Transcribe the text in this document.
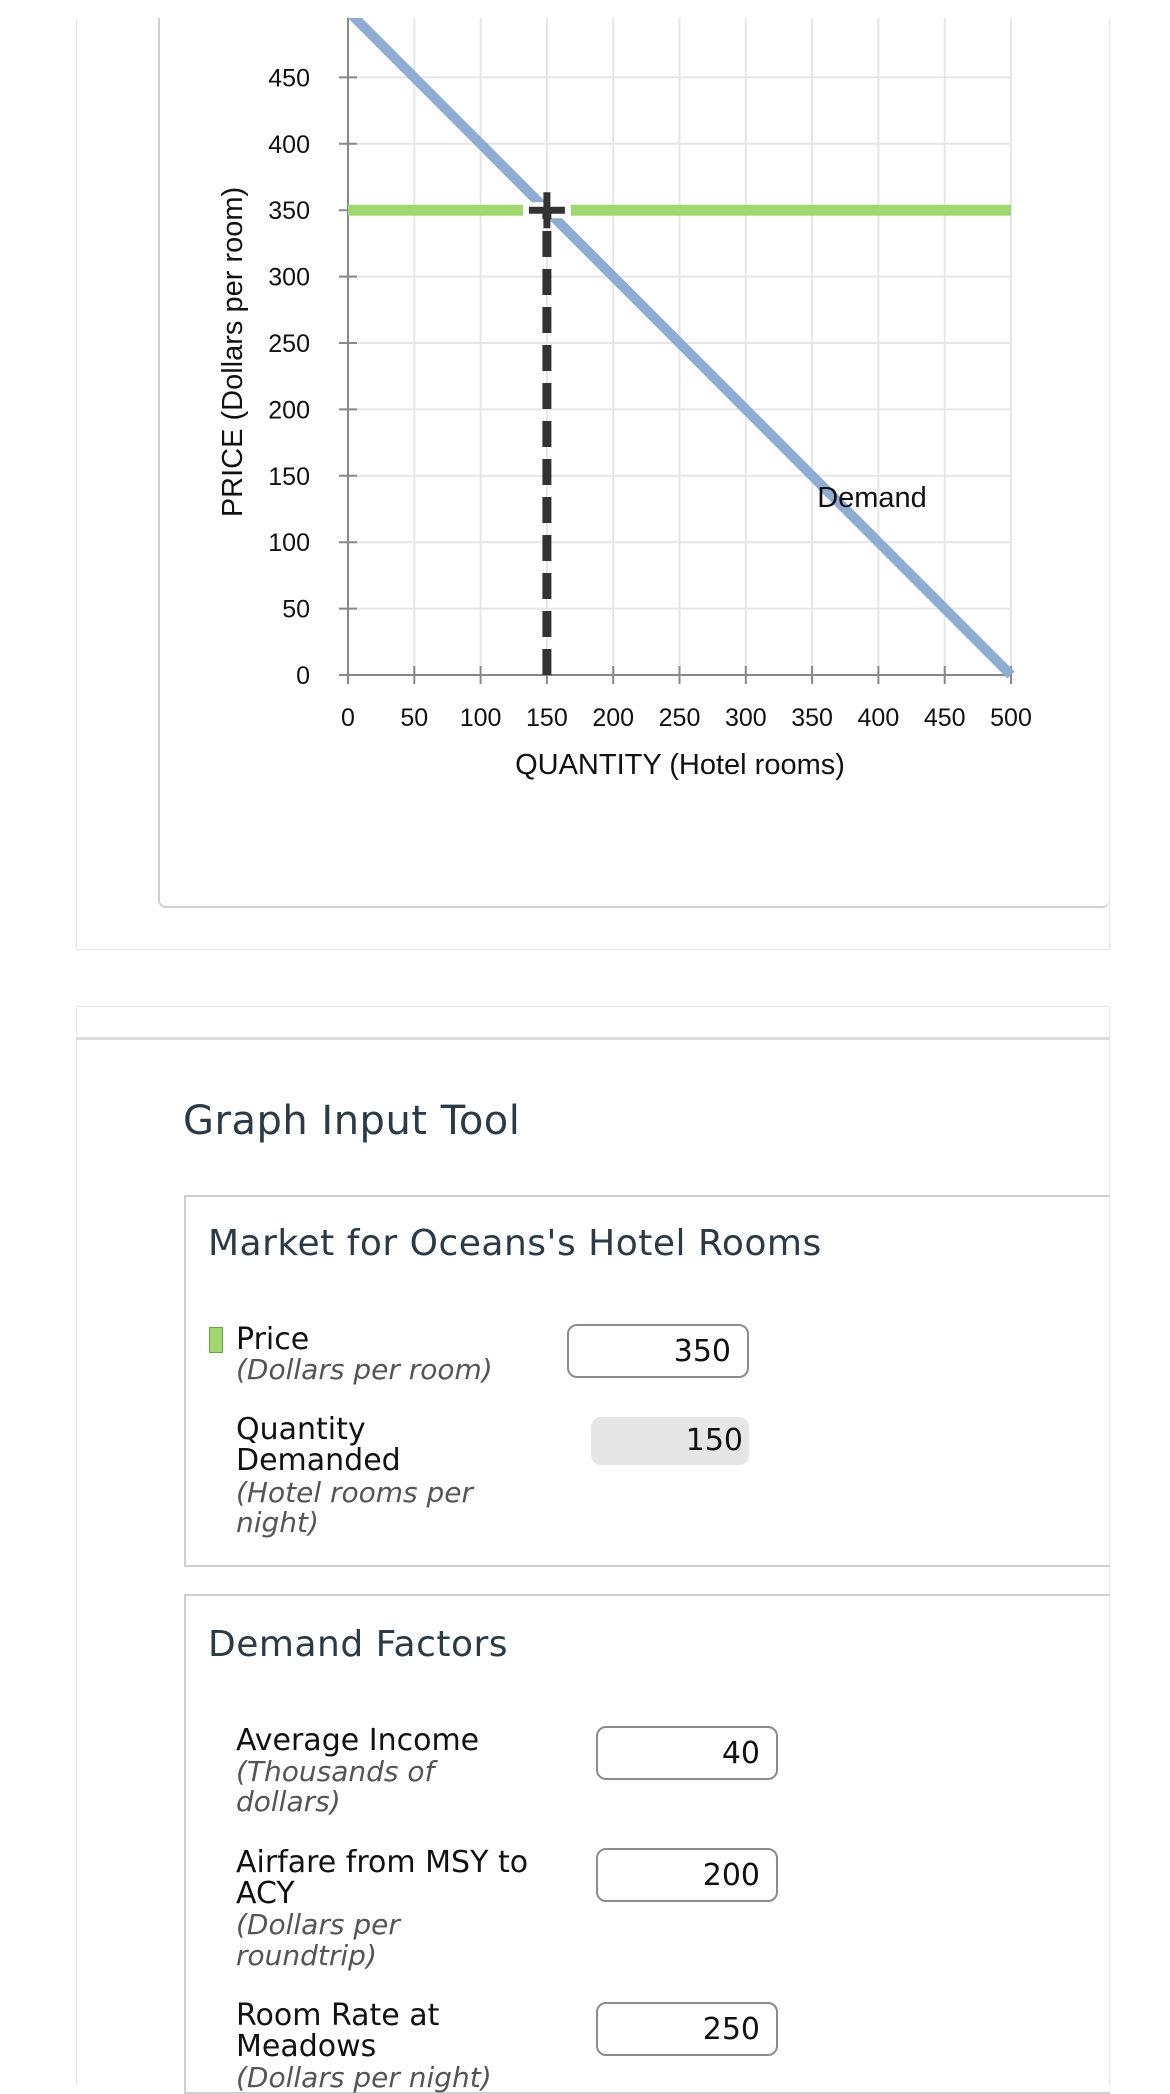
0 50 100 150 200 250 300 350 400 450 500
0
50
100
150
200
250
300
350
400
450
PRICE (Dollars per room)
QUANTITY (Hotel rooms)
Demand
Graph Input Tool
Market for Oceans's Hotel Rooms
Price
(Dollars per room)
350
Quantity
Demanded
(Hotel rooms per
night)
150
Demand Factors
Average Income
(Thousands of
dollars)
40
Airfare from MSY to
ACY
(Dollars per
roundtrip)
200
Room Rate at
Meadows
(Dollars per night)
250
